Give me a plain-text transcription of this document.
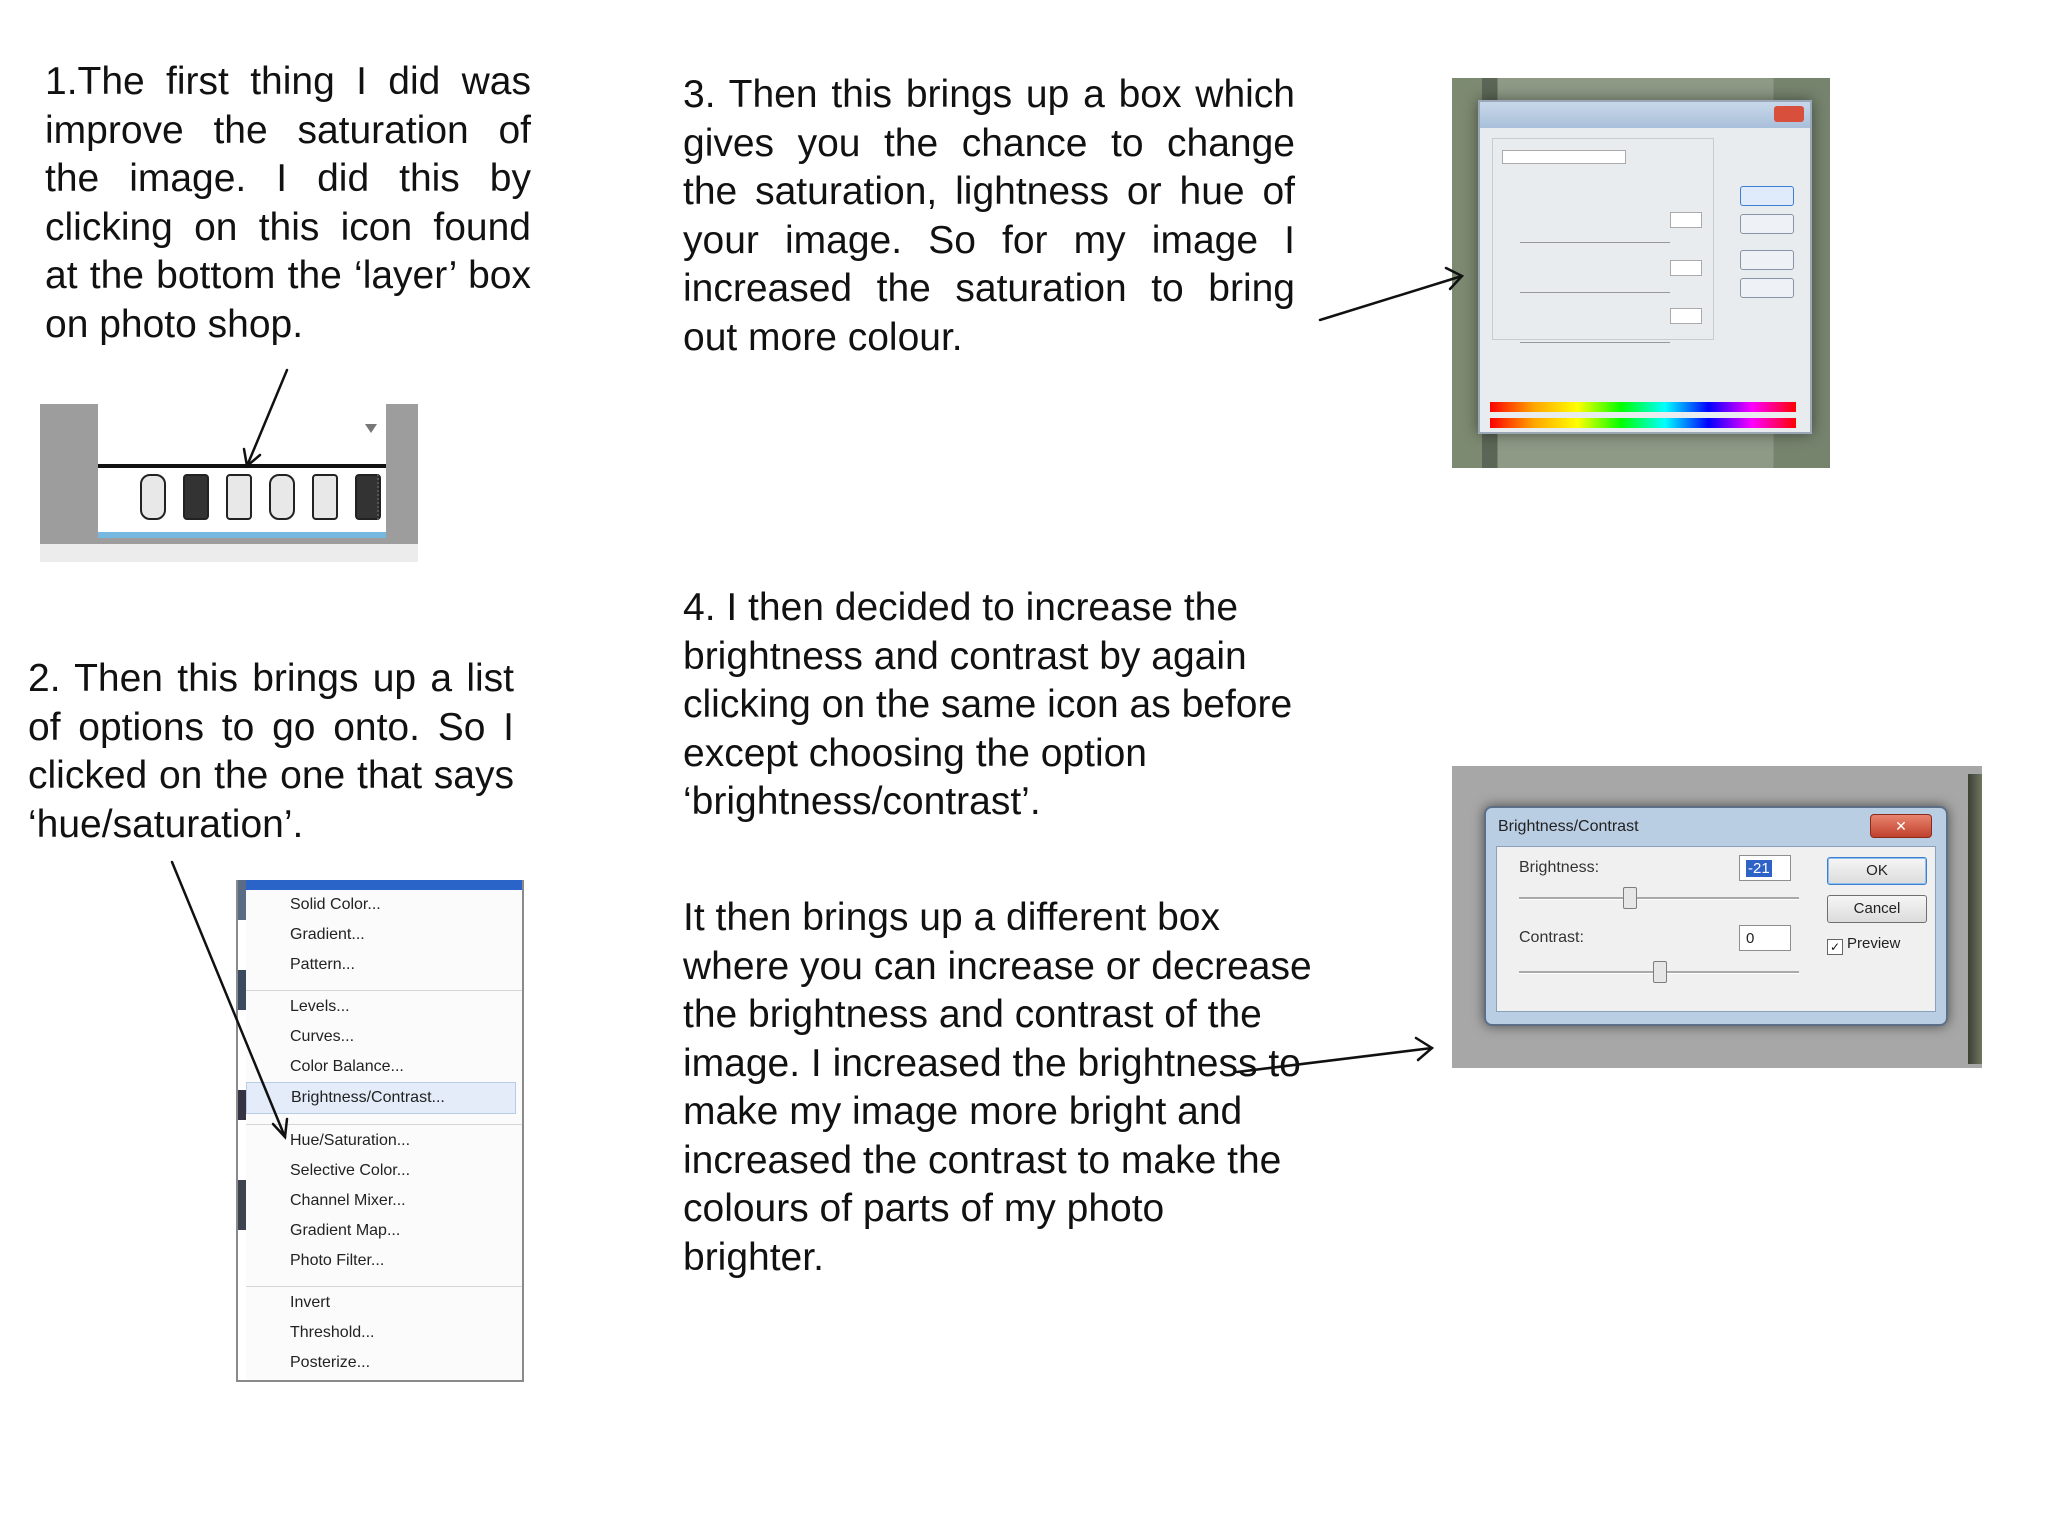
1.The first thing I did was improve the saturation of the image. I did this by clicking on this icon found at the bottom the ‘layer’ box on photo shop.

2. Then this brings up a list of options to go onto. So I clicked on the one that says ‘hue/saturation’.

Solid Color...
Gradient...
Pattern...
Levels...
Curves...
Color Balance...
Brightness/Contrast...
Hue/Saturation...
Selective Color...
Channel Mixer...
Gradient Map...
Photo Filter...
Invert
Threshold...
Posterize...

3. Then this brings up a box which gives you the chance to change the saturation, lightness or hue of your image. So for my image I increased the saturation to bring out more colour.

4. I then decided to increase the brightness and contrast by again clicking on the same icon as before except choosing the option ‘brightness/contrast’.

It then brings up a different box where you can increase or decrease the brightness and contrast of the image. I increased the brightness to make my image more bright and increased the contrast to make the colours of parts of my photo brighter.

Brightness/Contrast	✕
Brightness:	-21
Contrast:	0
OK
Cancel
✓ Preview
